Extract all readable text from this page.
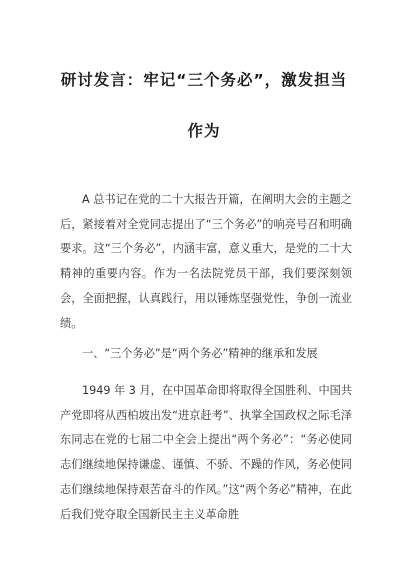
研讨发言：牢记“三个务必”，激发担当
作为

A 总书记在党的二十大报告开篇，在阐明大会的主题之后，紧接着对全党同志提出了“三个务必”的响亮号召和明确要求。这“三个务必”，内涵丰富，意义重大，是党的二十大精神的重要内容。作为一名法院党员干部，我们要深刻领会，全面把握，认真践行，用以锤炼坚强党性，争创一流业绩。

一、“三个务必”是“两个务必”精神的继承和发展

1949 年 3 月，在中国革命即将取得全国胜利、中国共产党即将从西柏坡出发“进京赶考”、执掌全国政权之际毛泽东同志在党的七届二中全会上提出“两个务必”：“务必使同志们继续地保持谦虚、谨慎、不骄、不躁的作风，务必使同志们继续地保持艰苦奋斗的作风。”这“两个务必”精神，在此后我们党夺取全国新民主主义革命胜
